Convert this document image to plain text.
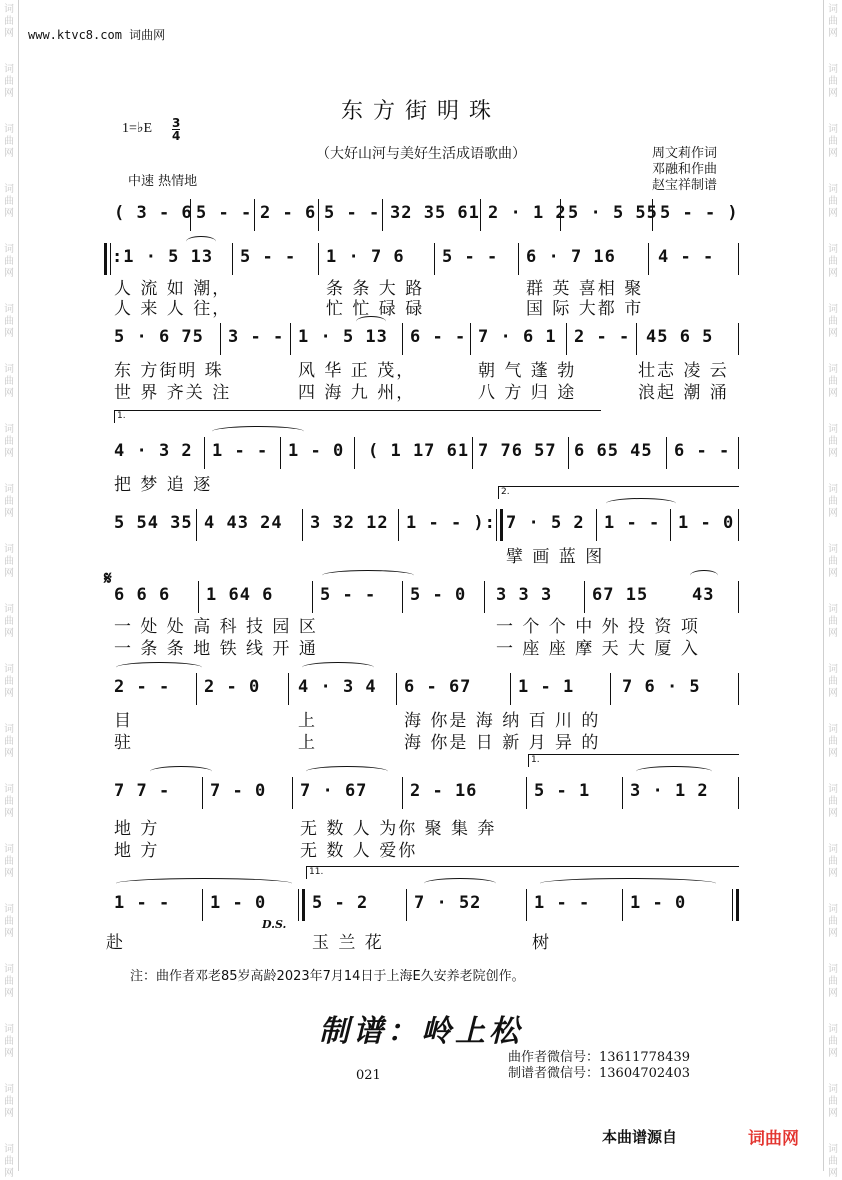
词
曲
网
词
曲
网
词
曲
网
词
曲
网
词
曲
网
词
曲
网
词
曲
网
词
曲
网
词
曲
网
词
曲
网
词
曲
网
词
曲
网
词
曲
网
词
曲
网
词
曲
网
词
曲
网
词
曲
网
词
曲
网
词
曲
网
词
曲
网
词
曲
网
词
曲
网
词
曲
网
词
曲
网
词
曲
网
词
曲
网
词
曲
网
词
曲
网
词
曲
网
词
曲
网
词
曲
网
词
曲
网
词
曲
网
词
曲
网
词
曲
网
词
曲
网
词
曲
网
词
曲
网
词
曲
网
词
曲
网
www.ktvc8.com 词曲网
东方街明珠
1=♭E 3
4
（大好山河与美好生活成语歌曲）	周文莉作词
邓融和作曲
赵宝祥制谱
中速 热情地
( 3 - 6 5 - - 2 - 6 5 - - 32 35 61 2 · 1 2 5 · 5 55 5 - - )
:1 · 5 13 5 - - 1 · 7 6 5 - - 6 · 7 16 4 - -
人 流 如 潮，	条 条 大 路	群 英 喜相 聚
人 来 人 往，	忙 忙 碌 碌	国 际 大都 市
5 · 6 75 3 - - 1 · 5 13 6 - - 7 · 6 1 2 - - 45 6 5
东 方街明 珠	风 华 正 茂，	朝 气 蓬 勃	壮志 凌 云
世 界 齐关 注	四 海 九 州，	八 方 归 途	浪起 潮 涌
1.
4 · 3 2 1 - - 1 - 0 ( 1 17 61 7 76 57 6 65 45 6 - -
把 梦 追 逐	2.
5 54 35 4 43 24 3 32 12 1 - - ): 7 · 5 2 1 - - 1 - 0
擘 画 蓝 图
𝄋
6 6 6 1 64 6	5 - - 5 - 0 3 3 3 67 15	43
一 处 处 高 科 技 园 区	一 个 个 中 外 投 资 项
一 条 条 地 铁 线 开 通	一 座 座 摩 天 大 厦 入
2 - - 2 - 0 4 · 3 4 6 - 67	1 - 1	7 6 · 5
目	上	海 你是 海 纳 百 川 的
驻	上	海 你是 日 新 月 异 的
1.
7 7 - 7 - 0 7 · 67	2 - 16	5 - 1 3 · 1 2
地 方	无 数 人 为你 聚 集 奔
地 方	无 数 人 爱你
11.
1 - - 1 - 0	5 - 2	7 · 52	1 - - 1 - 0
D.S.
赴	玉 兰 花	树
注：曲作者邓老85岁高龄2023年7月14日于上海E久安养老院创作。
制谱：岭上松
曲作者微信号：13611778439
制谱者微信号：13604702403
021
本曲谱源自	词曲网
